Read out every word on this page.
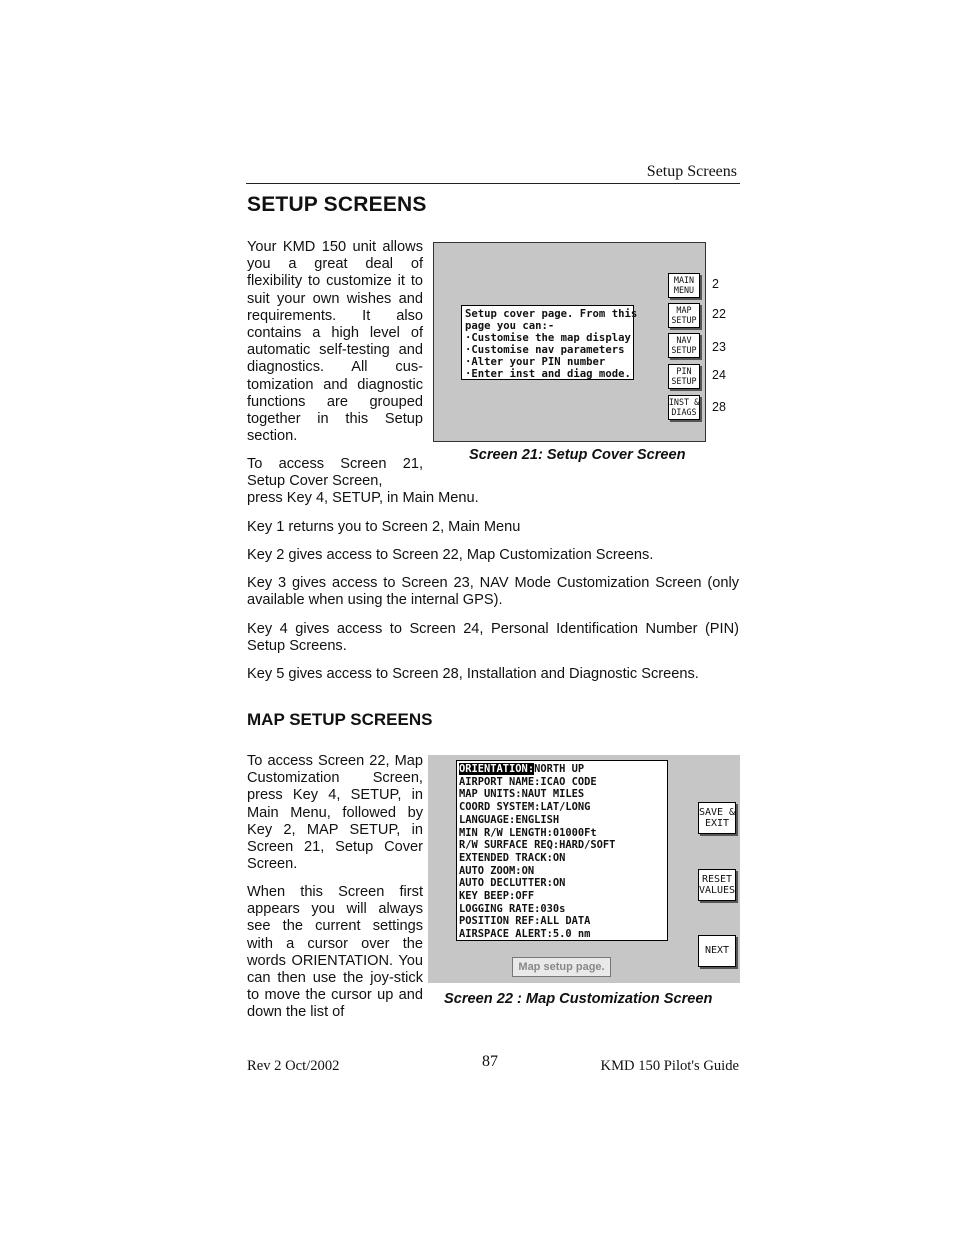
Setup Screens
SETUP SCREENS
Your KMD 150 unit allows you a great deal of flexibility to customize it to suit your own wishes and requirements. It also contains a high level of automatic self-testing and diagnostics. All cus-tomization and diagnostic functions are grouped together in this Setup section.
Setup cover page. From this
page you can:-
·Customise the map display
·Customise nav parameters
·Alter your PIN number
·Enter inst and diag mode.
MAIN
MENU
MAP
SETUP
NAV
SETUP
PIN
SETUP
INST &
DIAGS
2
22
23
24
28
Screen 21: Setup Cover Screen
To access Screen 21, Setup Cover Screen,
press Key 4, SETUP, in Main Menu.
Key 1 returns you to Screen 2, Main Menu
Key 2 gives access to Screen 22, Map Customization Screens.
Key 3 gives access to Screen 23, NAV Mode Customization Screen (only available when using the internal GPS).
Key 4 gives access to Screen 24, Personal Identification Number (PIN) Setup Screens.
Key 5 gives access to Screen 28, Installation and Diagnostic Screens.
MAP SETUP SCREENS
To access Screen 22, Map Customization Screen, press Key 4, SETUP, in Main Menu, followed by Key 2, MAP SETUP, in Screen 21, Setup Cover Screen.
When this Screen first appears you will always see the current settings with a cursor over the words ORIENTATION. You can then use the joy-stick to move the cursor up and down the list of
ORIENTATION:NORTH UP
AIRPORT NAME:ICAO CODE
MAP UNITS:NAUT MILES
COORD SYSTEM:LAT/LONG
LANGUAGE:ENGLISH
MIN R/W LENGTH:01000Ft
R/W SURFACE REQ:HARD/SOFT
EXTENDED TRACK:ON
AUTO ZOOM:ON
AUTO DECLUTTER:ON
KEY BEEP:OFF
LOGGING RATE:030s
POSITION REF:ALL DATA
AIRSPACE ALERT:5.0 nm
SAVE &
EXIT
RESET
VALUES
NEXT
Map setup page.
Screen 22 : Map Customization Screen
Rev 2 Oct/2002	87	KMD 150 Pilot's Guide
